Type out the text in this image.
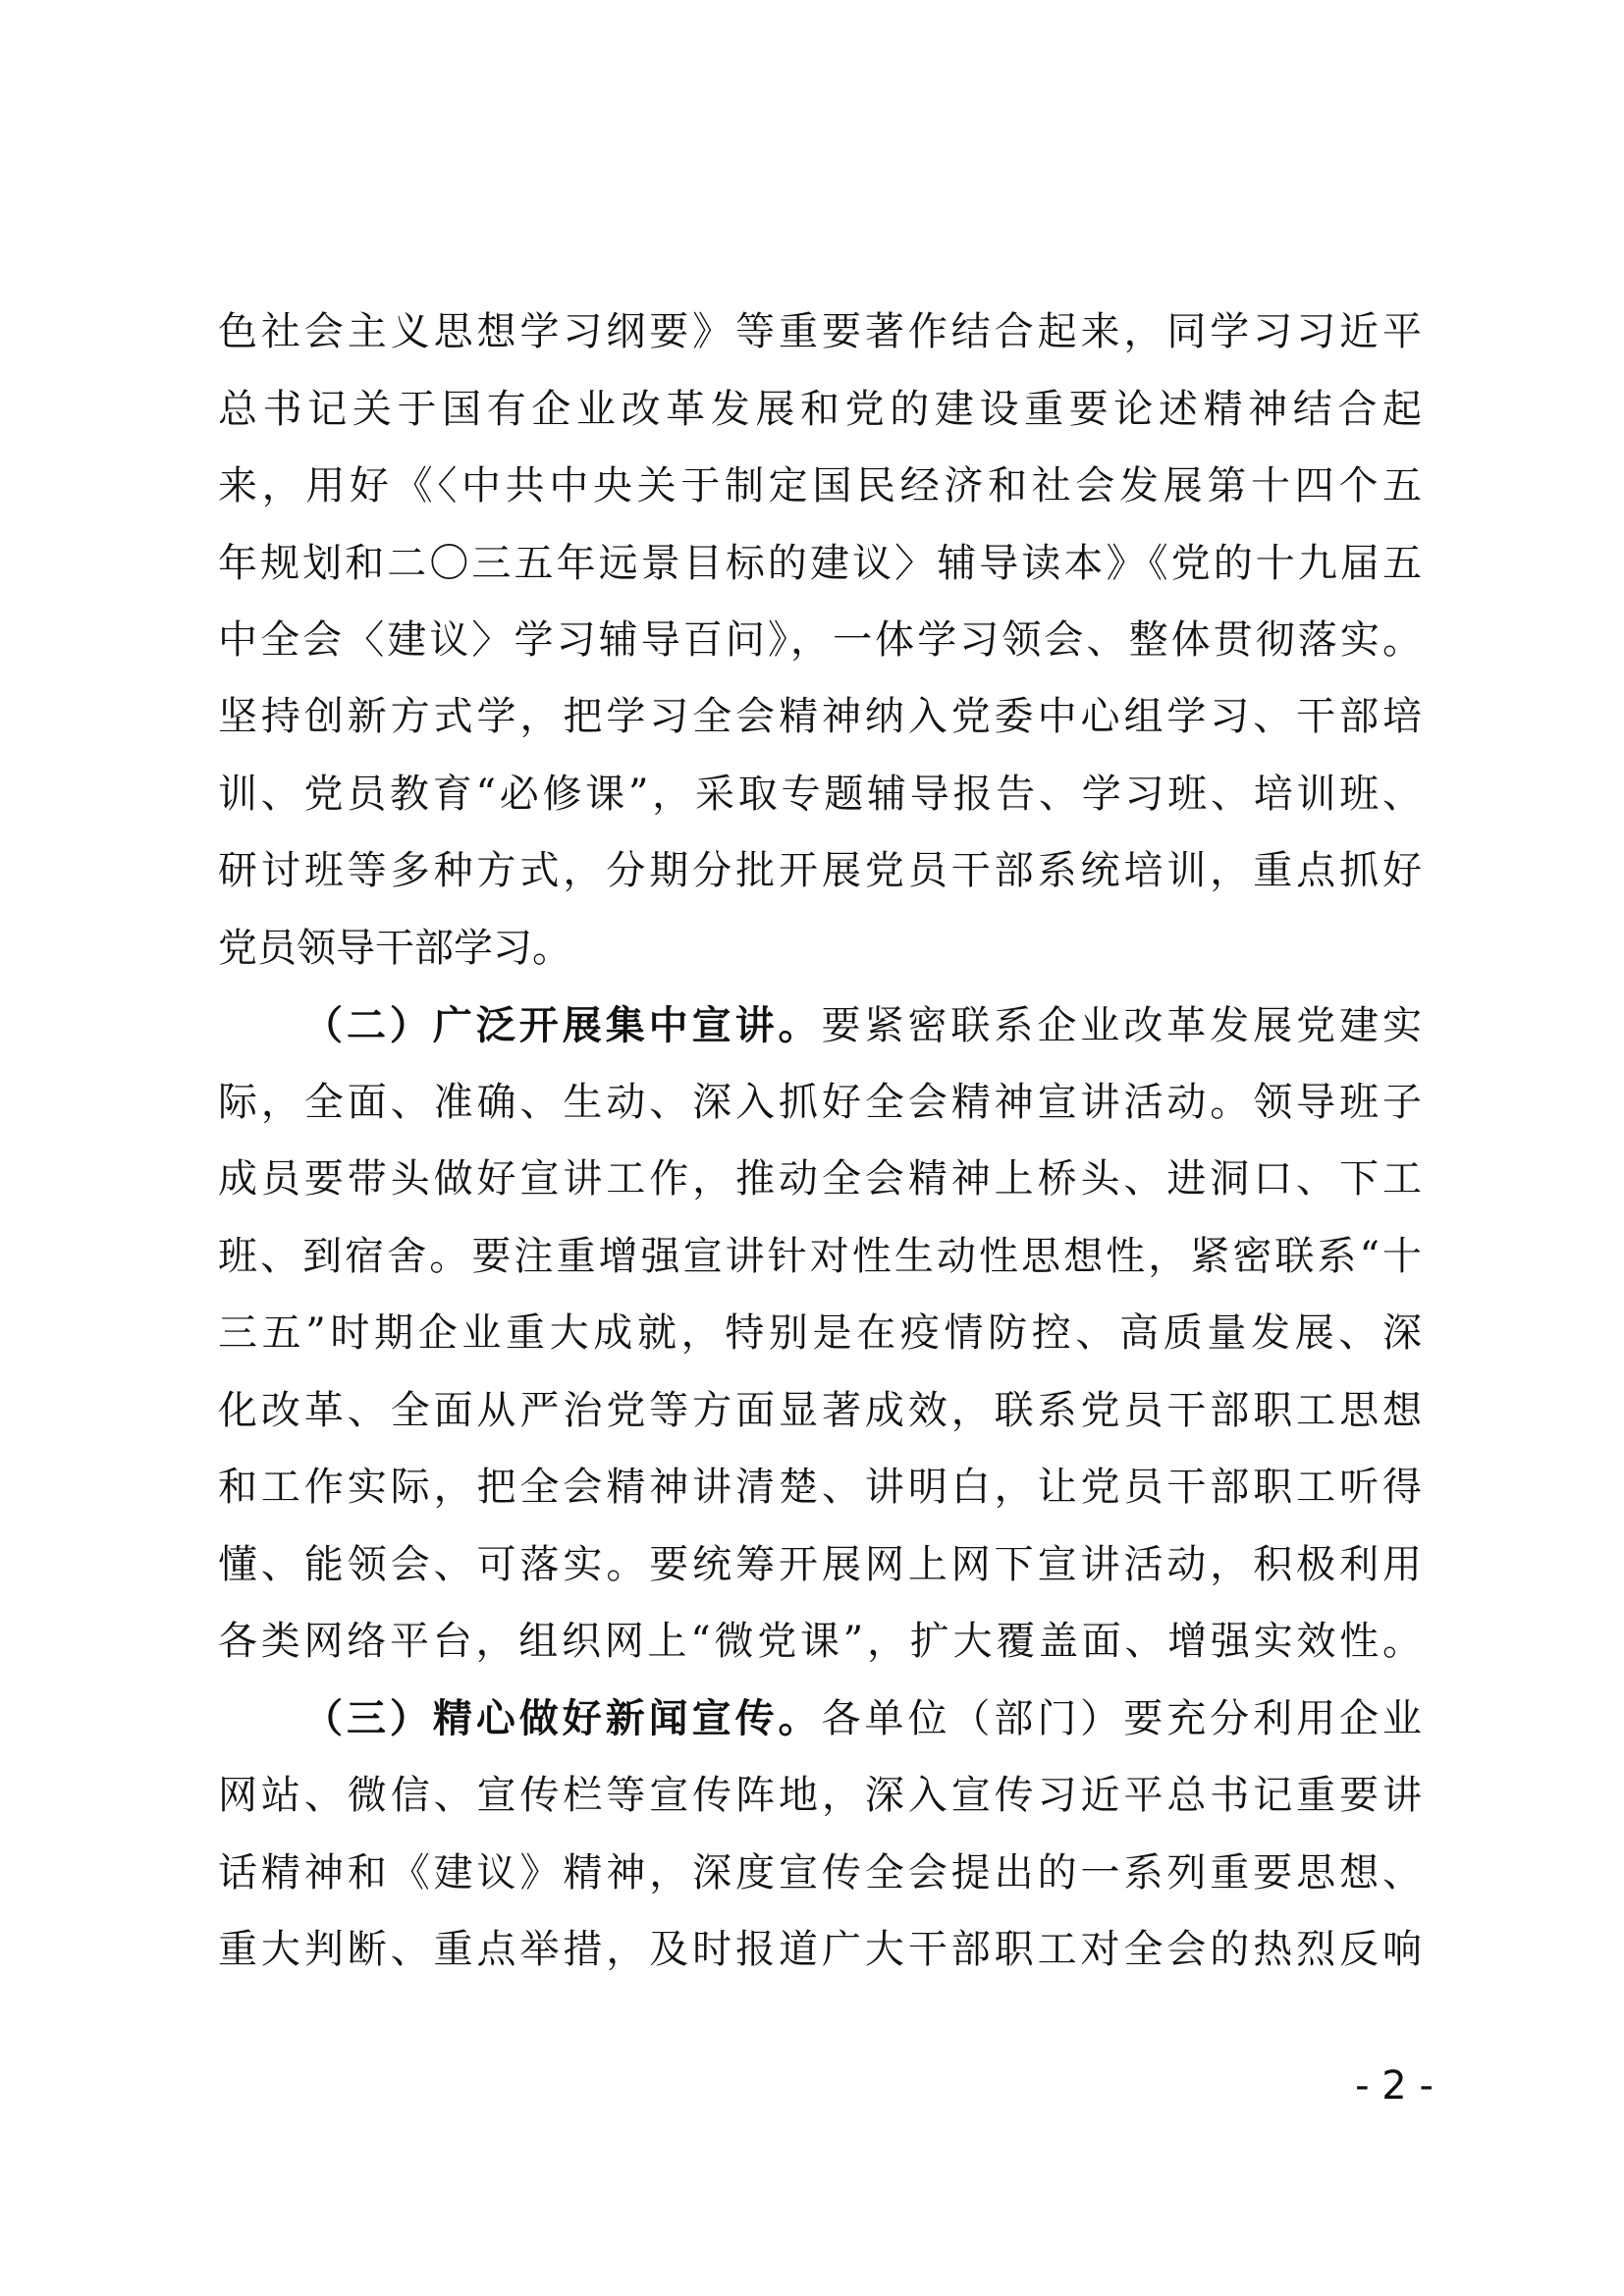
色社会主义思想学习纲要》等重要著作结合起来，同学习习近平
总书记关于国有企业改革发展和党的建设重要论述精神结合起
来，用好《〈中共中央关于制定国民经济和社会发展第十四个五
年规划和二〇三五年远景目标的建议〉辅导读本》《党的十九届五
中全会〈建议〉学习辅导百问》，一体学习领会、整体贯彻落实。
坚持创新方式学，把学习全会精神纳入党委中心组学习、干部培
训、党员教育“必修课”，采取专题辅导报告、学习班、培训班、
研讨班等多种方式，分期分批开展党员干部系统培训，重点抓好
党员领导干部学习。
（二）广泛开展集中宣讲。要紧密联系企业改革发展党建实
际，全面、准确、生动、深入抓好全会精神宣讲活动。领导班子
成员要带头做好宣讲工作，推动全会精神上桥头、进洞口、下工
班、到宿舍。要注重增强宣讲针对性生动性思想性，紧密联系“十
三五”时期企业重大成就，特别是在疫情防控、高质量发展、深
化改革、全面从严治党等方面显著成效，联系党员干部职工思想
和工作实际，把全会精神讲清楚、讲明白，让党员干部职工听得
懂、能领会、可落实。要统筹开展网上网下宣讲活动，积极利用
各类网络平台，组织网上“微党课”，扩大覆盖面、增强实效性。
（三）精心做好新闻宣传。各单位（部门）要充分利用企业
网站、微信、宣传栏等宣传阵地，深入宣传习近平总书记重要讲
话精神和《建议》精神，深度宣传全会提出的一系列重要思想、
重大判断、重点举措，及时报道广大干部职工对全会的热烈反响
- 2 -
